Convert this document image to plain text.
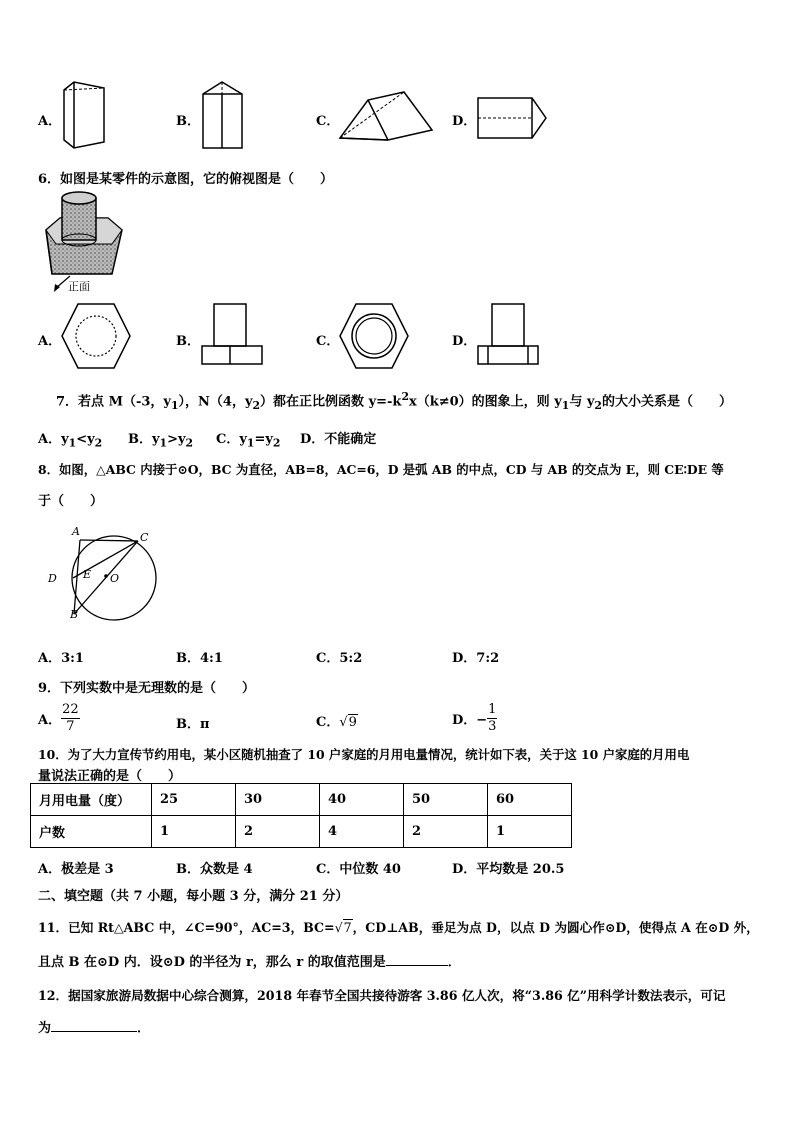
A．	B．	C．	D．
6．如图是某零件的示意图，它的俯视图是（　　）
正面
A．	B．	C．	D．
7．若点 M（-3，$y_1$），N（4，$y_2$）都在正比例函数 $y=-k^2x(k\ne 0)$的图象上，则 $y_1$与 $y_2$的大小关系是（　　）
A．$y_1<y_2$ B．$y_1>y_2$ C．$y_1=y_2$ D．不能确定
8．如图，△ABC 内接于⊙O，BC 为直径，AB=8，AC=6，D 是弧 AB 的中点，CD 与 AB 的交点为 E，则 CE∶DE 等
于（　　）
A	C
D E O
B
A．3:1	B．4:1	C．5:2	D．7:2
9．下列实数中是无理数的是（　　）
A． $\frac{22}{7}$	B．π	C．√9	D．− $\frac{1}{3}$
10．为了大力宣传节约用电，某小区随机抽查了 10 户家庭的月用电量情况，统计如下表，关于这 10 户家庭的月用电
量说法正确的是（　　）
月用电量（度）	25	30	40	50	60
户数	1	2	4	2	1
A．极差是 3	B．众数是 4	C．中位数 40	D．平均数是 20.5
二、填空题（共 7 小题，每小题 3 分，满分 21 分）
11．已知 Rt△ABC 中，∠C=90°，AC=3，BC=√7，CD⊥AB，垂足为点 D，以点 D 为圆心作⊙D，使得点 A 在⊙D 外，
且点 B 在⊙D 内．设⊙D 的半径为 r，那么 r 的取值范围是	．
12．据国家旅游局数据中心综合测算，2018 年春节全国共接待游客 3.86 亿人次，将“3.86 亿”用科学计数法表示，可记
为	．
